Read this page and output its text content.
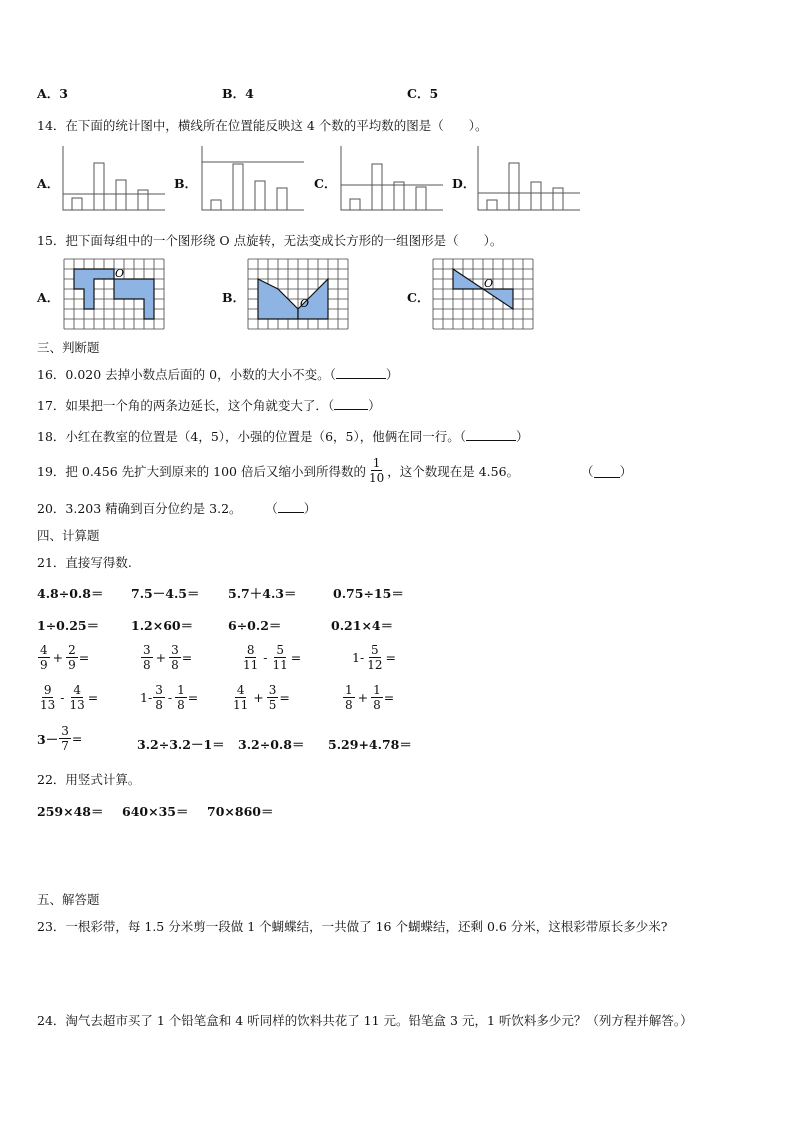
A．3	B．4	C．5
14．在下面的统计图中，横线所在位置能反映这 4 个数的平均数的图是（　　）。
A．	B．	C．	D．
15．把下面每组中的一个图形绕 O 点旋转，无法变成长方形的一组图形是（　　）。
A．
O
B．	O	C．
O
三、判断题
16．0.020 去掉小数点后面的 0，小数的大小不变。（	）
17．如果把一个角的两条边延长，这个角就变大了．（	）
18．小红在教室的位置是（4，5），小强的位置是（6，5），他俩在同一行。（	）
19．把 0.456 先扩大到原来的 100 倍后又缩小到所得数的 $\frac{1}{10}$ ，这个数现在是 4.56。	（ ）
20．3.203 精确到百分位约是 3.2。 （ ）
四、计算题
21．直接写得数.
4.8÷0.8＝ 7.5－4.5＝ 5.7＋4.3＝	0.75÷15＝
1÷0.25＝	1.2×60＝	6÷0.2＝	0.21×4＝
$\frac{4}{9} + \frac{2}{9}$ =	$\frac{3}{8} + \frac{3}{8}$ =	$\frac{8}{11} - \frac{5}{11}$ =	$1- \frac{5}{12}$ =
$\frac{9}{13} - \frac{4}{13}$ =	$1- \frac{3}{8} - \frac{1}{8}$ =	$\frac{4}{11} + \frac{3}{5}$ =	$\frac{1}{8} + \frac{1}{8}$ =
$3- \frac{3}{7}$ =	3.2÷3.2－1＝ 3.2÷0.8＝ 5.29+4.78＝
22．用竖式计算。
259×48＝ 640×35＝ 70×860＝
五、解答题
23．一根彩带，每 1.5 分米剪一段做 1 个蝴蝶结，一共做了 16 个蝴蝶结，还剩 0.6 分米，这根彩带原长多少米?
24．淘气去超市买了 1 个铅笔盒和 4 听同样的饮料共花了 11 元。铅笔盒 3 元，1 听饮料多少元？（列方程并解答。）
